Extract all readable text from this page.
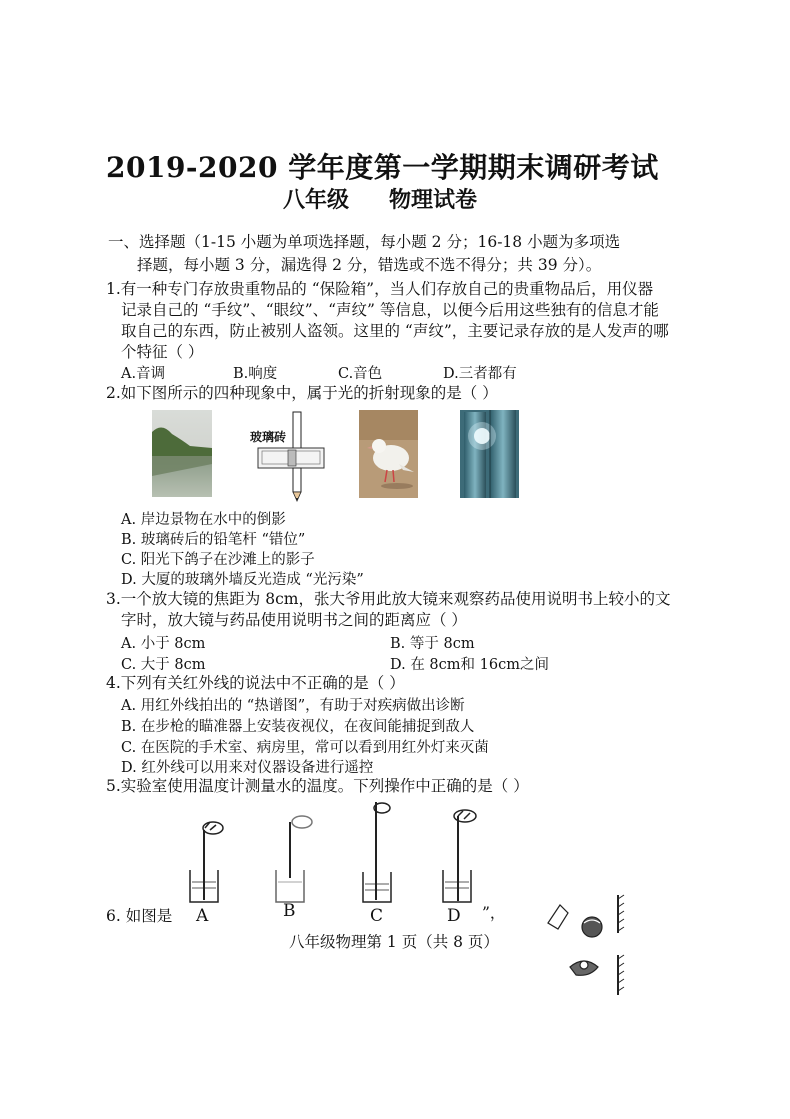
2019-2020 学年度第一学期期末调研考试
八年级 物理试卷
一、选择题（1-15 小题为单项选择题，每小题 2 分；16-18 小题为多项选
择题，每小题 3 分，漏选得 2 分，错选或不选不得分；共 39 分）。
1.有一种专门存放贵重物品的 “保险箱”，当人们存放自己的贵重物品后，用仪器
记录自己的 “手纹”、“眼纹”、“声纹” 等信息，以便今后用这些独有的信息才能
取自己的东西，防止被别人盗领。这里的 “声纹”，主要记录存放的是人发声的哪
个特征（ ）
A.音调	B.响度	C.音色	D.三者都有
2.如下图所示的四种现象中，属于光的折射现象的是（ ）
玻璃砖
A. 岸边景物在水中的倒影
B. 玻璃砖后的铅笔杆 “错位”
C. 阳光下鸽子在沙滩上的影子
D. 大厦的玻璃外墙反光造成 “光污染”
3.一个放大镜的焦距为 8cm，张大爷用此放大镜来观察药品使用说明书上较小的文
字时，放大镜与药品使用说明书之间的距离应（ ）
A. 小于 8cm	B. 等于 8cm
C. 大于 8cm	D. 在 8cm和 16cm之间
4.下列有关红外线的说法中不正确的是（ ）
A. 用红外线拍出的 “热谱图”，有助于对疾病做出诊断
B. 在步枪的瞄准器上安装夜视仪，在夜间能捕捉到敌人
C. 在医院的手术室、病房里，常可以看到用红外灯来灭菌
D. 红外线可以用来对仪器设备进行遥控
5.实验室使用温度计测量水的温度。下列操作中正确的是（ ）
A	B	C	D
6. 如图是	”，
八年级物理第 1 页（共 8 页）
